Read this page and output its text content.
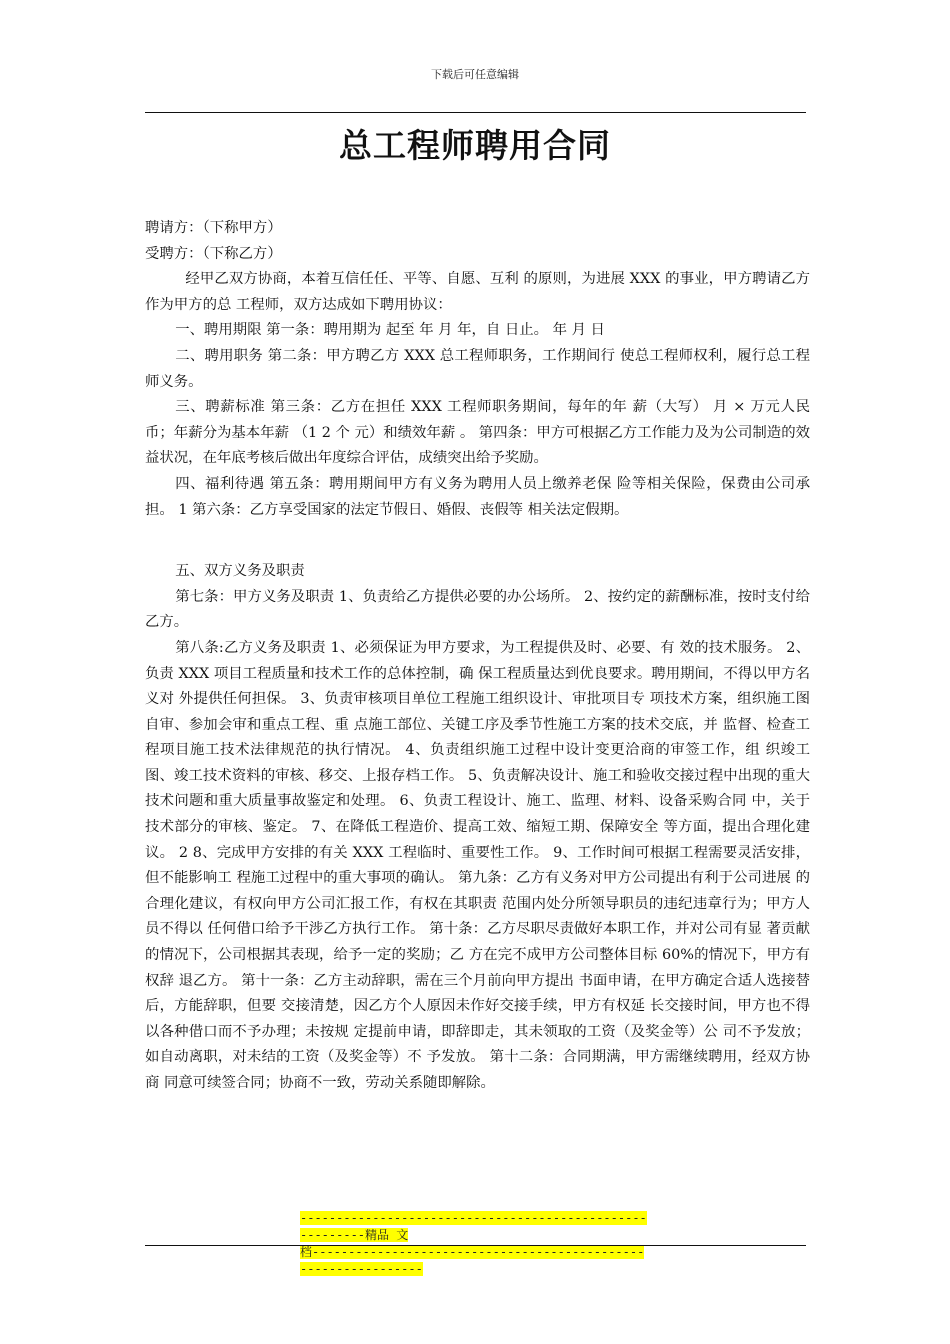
下载后可任意编辑
总工程师聘用合同

聘请方：（下称甲方）

受聘方：（下称乙方）

经甲乙双方协商，本着互信任任、平等、自愿、互利 的原则，为进展 XXX 的事业，甲方聘请乙方作为甲方的总 工程师，双方达成如下聘用协议：

一、聘用期限 第一条：聘用期为 起至 年 月 年，自 日止。 年 月 日

二、聘用职务 第二条：甲方聘乙方 XXX 总工程师职务，工作期间行 使总工程师权利，履行总工程师义务。

三、聘薪标准 第三条：乙方在担任 XXX 工程师职务期间，每年的年 薪（大写） 月 × 万元人民币；年薪分为基本年薪 （1 2 个 元）和绩效年薪 。 第四条：甲方可根据乙方工作能力及为公司制造的效 益状况，在年底考核后做出年度综合评估，成绩突出给予奖励。

四、福利待遇 第五条：聘用期间甲方有义务为聘用人员上缴养老保 险等相关保险，保费由公司承担。 1 第六条：乙方享受国家的法定节假日、婚假、丧假等 相关法定假期。

五、双方义务及职责

第七条：甲方义务及职责 1、负责给乙方提供必要的办公场所。 2、按约定的薪酬标准，按时支付给乙方。

第八条:乙方义务及职责 1、必须保证为甲方要求，为工程提供及时、必要、有 效的技术服务。 2、负责 XXX 项目工程质量和技术工作的总体控制，确 保工程质量达到优良要求。聘用期间，不得以甲方名义对 外提供任何担保。 3、负责审核项目单位工程施工组织设计、审批项目专 项技术方案，组织施工图自审、参加会审和重点工程、重 点施工部位、关键工序及季节性施工方案的技术交底，并 监督、检查工程项目施工技术法律规范的执行情况。 4、负责组织施工过程中设计变更洽商的审签工作，组 织竣工图、竣工技术资料的审核、移交、上报存档工作。 5、负责解决设计、施工和验收交接过程中出现的重大技术问题和重大质量事故鉴定和处理。 6、负责工程设计、施工、监理、材料、设备采购合同 中，关于技术部分的审核、鉴定。 7、在降低工程造价、提高工效、缩短工期、保障安全 等方面，提出合理化建议。 2 8、完成甲方安排的有关 XXX 工程临时、重要性工作。 9、工作时间可根据工程需要灵活安排，但不能影响工 程施工过程中的重大事项的确认。 第九条：乙方有义务对甲方公司提出有利于公司进展 的合理化建议，有权向甲方公司汇报工作，有权在其职责 范围内处分所领导职员的违纪违章行为；甲方人员不得以 任何借口给予干涉乙方执行工作。 第十条：乙方尽职尽责做好本职工作，并对公司有显 著贡献的情况下，公司根据其表现，给予一定的奖励；乙 方在完不成甲方公司整体目标 60%的情况下，甲方有权辞 退乙方。 第十一条：乙方主动辞职，需在三个月前向甲方提出 书面申请，在甲方确定合适人选接替后，方能辞职，但要 交接清楚，因乙方个人原因未作好交接手续，甲方有权延 长交接时间，甲方也不得以各种借口而不予办理；未按规 定提前申请，即辞即走，其未领取的工资（及奖金等）公 司不予发放；如自动离职，对未结的工资（及奖金等）不 予发放。 第十二条：合同期满，甲方需继续聘用，经双方协商 同意可续签合同；协商不一致，劳动关系随即解除。

---------------------------------------------------------精品 文
档---------------------------------------------------------------
